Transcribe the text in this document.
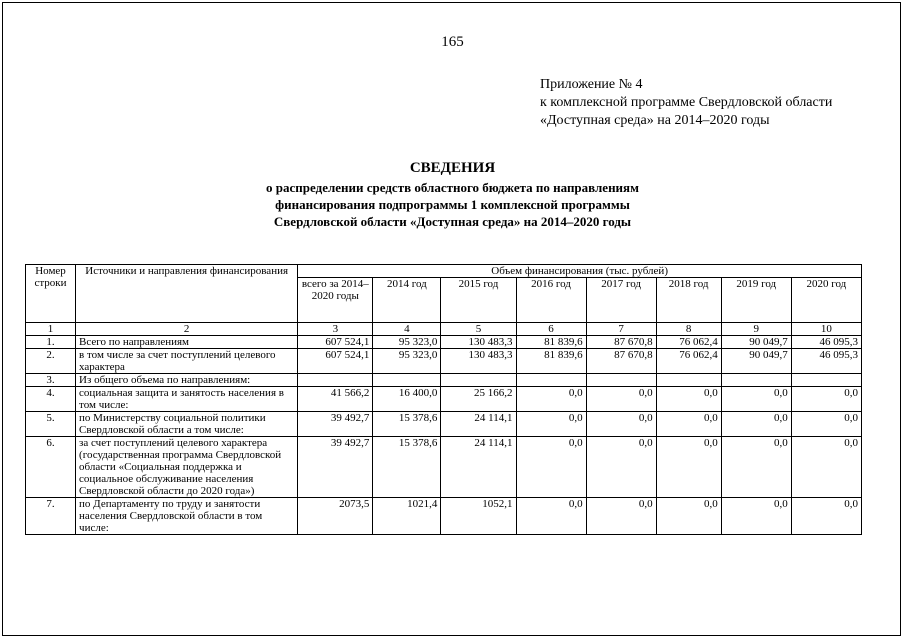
165
Приложение № 4
к комплексной программе Свердловской области
«Доступная среда» на 2014–2020 годы
СВЕДЕНИЯ
о распределении средств областного бюджета по направлениям
финансирования подпрограммы 1 комплексной программы
Свердловской области «Доступная среда» на 2014–2020 годы
Номер строки	Источники и направления финансирования	Объем финансирования (тыс. рублей)							
		всего за 2014–2020 годы	2014 год	2015 год	2016 год	2017 год	2018 год	2019 год	2020 год
1	2	3	4	5	6	7	8	9	10
1.	Всего по направлениям	607 524,1	95 323,0	130 483,3	81 839,6	87 670,8	76 062,4	90 049,7	46 095,3
2.	в том числе за счет поступлений целевого характера	607 524,1	95 323,0	130 483,3	81 839,6	87 670,8	76 062,4	90 049,7	46 095,3
3.	Из общего объема по направлениям:								
4.	социальная защита и занятость населения в том числе:	41 566,2	16 400,0	25 166,2	0,0	0,0	0,0	0,0	0,0
5.	по Министерству социальной политики Свердловской области а том числе:	39 492,7	15 378,6	24 114,1	0,0	0,0	0,0	0,0	0,0
6.	за счет поступлений целевого характера (государственная программа Свердловской области «Социальная поддержка и социальное обслуживание населения Свердловской области до 2020 года»)	39 492,7	15 378,6	24 114,1	0,0	0,0	0,0	0,0	0,0
7.	по Департаменту по труду и занятости населения Свердловской области в том числе:	2073,5	1021,4	1052,1	0,0	0,0	0,0	0,0	0,0
